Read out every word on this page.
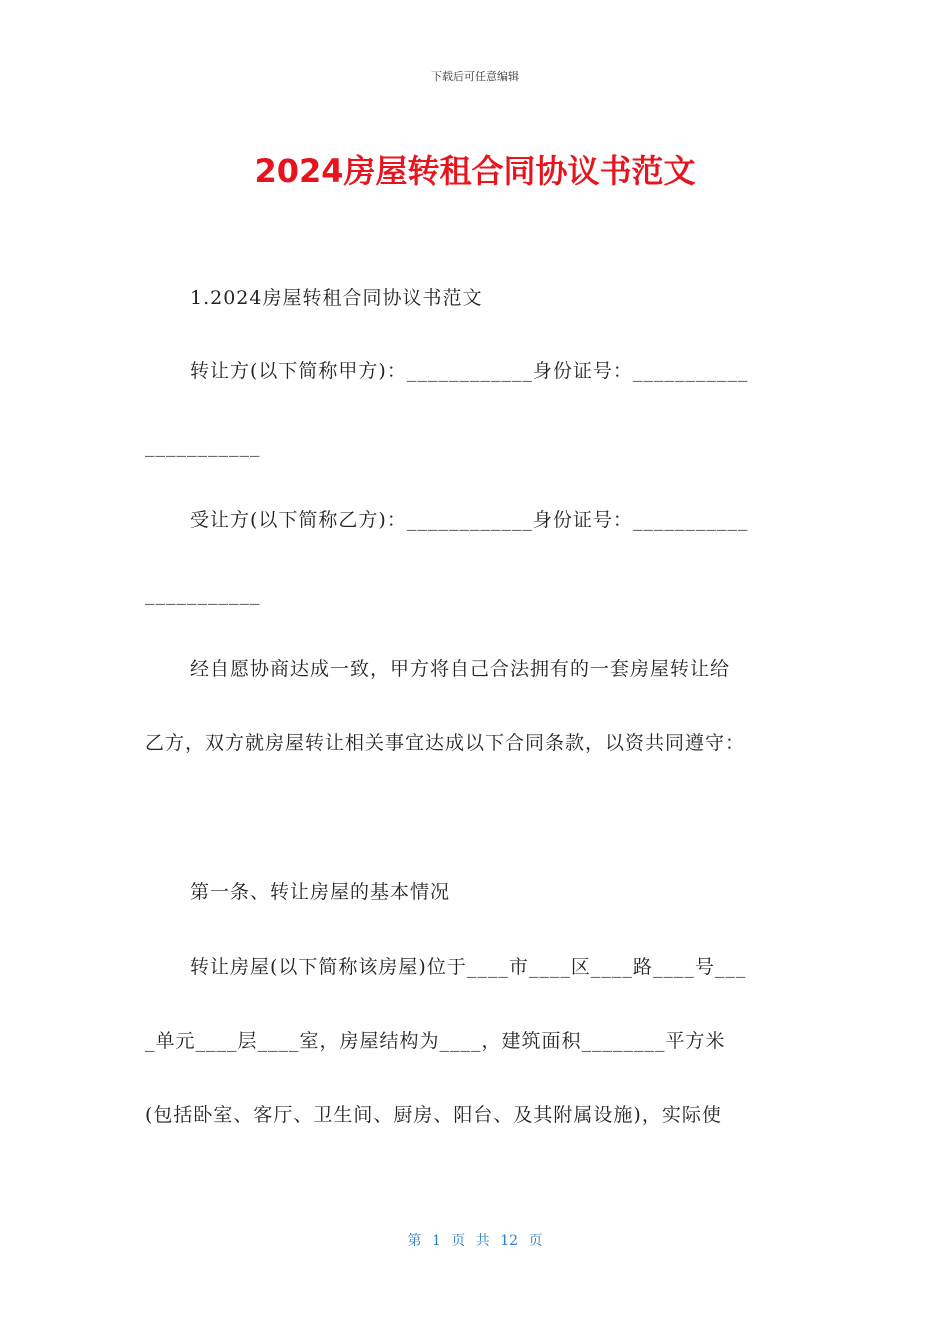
下载后可任意编辑
2024房屋转租合同协议书范文
1.2024房屋转租合同协议书范文
转让方(以下简称甲方)：____________身份证号：___________
___________
受让方(以下简称乙方)：____________身份证号：___________
___________
经自愿协商达成一致，甲方将自己合法拥有的一套房屋转让给
乙方，双方就房屋转让相关事宜达成以下合同条款，以资共同遵守：
第一条、转让房屋的基本情况
转让房屋(以下简称该房屋)位于____市____区____路____号___
_单元____层____室，房屋结构为____，建筑面积________平方米
(包括卧室、客厅、卫生间、厨房、阳台、及其附属设施)，实际使
第 1 页 共 12 页
